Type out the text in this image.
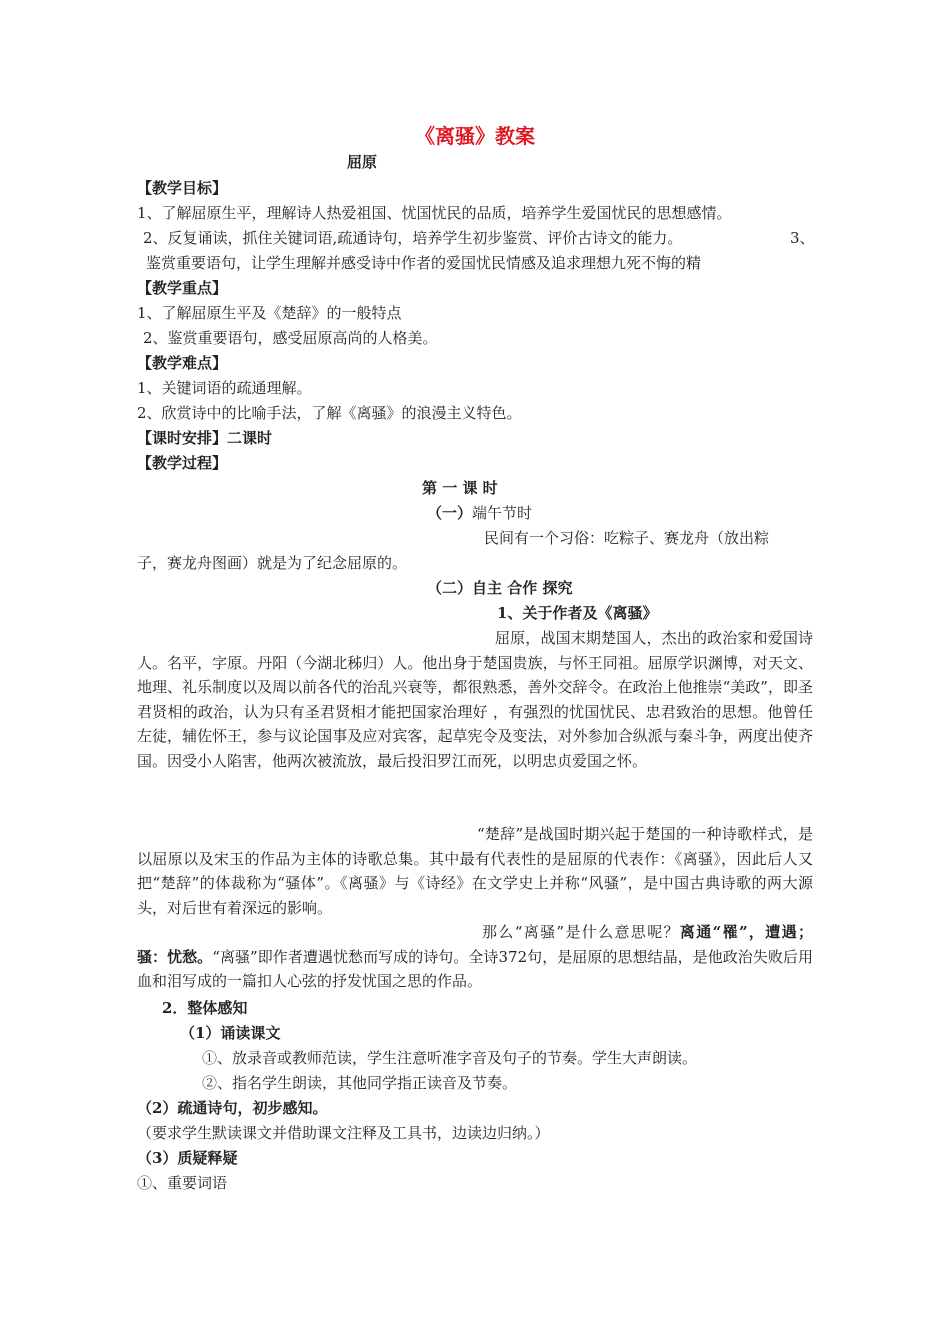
《离骚》教案
屈原
【教学目标】
1、了解屈原生平，理解诗人热爱祖国、忧国忧民的品质，培养学生爱国忧民的思想感情。
2、反复诵读，抓住关键词语,疏通诗句，培养学生初步鉴赏、评价古诗文的能力。	3、
鉴赏重要语句，让学生理解并感受诗中作者的爱国忧民情感及追求理想九死不悔的精
【教学重点】
1、了解屈原生平及《楚辞》的一般特点
2、鉴赏重要语句，感受屈原高尚的人格美。
【教学难点】
1、关键词语的疏通理解。
2、欣赏诗中的比喻手法，了解《离骚》的浪漫主义特色。
【课时安排】二课时
【教学过程】
第 一 课 时
（一）端午节时
民间有一个习俗：吃粽子、赛龙舟（放出粽
子，赛龙舟图画）就是为了纪念屈原的。
（二）自主 合作 探究
1、关于作者及《离骚》
屈原，战国末期楚国人，杰出的政治家和爱国诗人。名平，字原。丹阳（今湖北秭归）人。他出身于楚国贵族，与怀王同祖。屈原学识渊博，对天文、地理、礼乐制度以及周以前各代的治乱兴衰等，都很熟悉，善外交辞令。在政治上他推崇“美政”，即圣君贤相的政治，认为只有圣君贤相才能把国家治理好 ，有强烈的忧国忧民、忠君致治的思想。他曾任左徒，辅佐怀王，参与议论国事及应对宾客，起草宪令及变法，对外参加合纵派与秦斗争，两度出使齐国。因受小人陷害，他两次被流放，最后投汨罗江而死，以明忠贞爱国之怀。
“楚辞”是战国时期兴起于楚国的一种诗歌样式，是以屈原以及宋玉的作品为主体的诗歌总集。其中最有代表性的是屈原的代表作：《离骚》，因此后人又把“楚辞”的体裁称为“骚体”。《离骚》与《诗经》在文学史上并称“风骚”，是中国古典诗歌的两大源头，对后世有着深远的影响。
那么“离骚”是什么意思呢？离通“罹”，遭遇；骚：忧愁。“离骚”即作者遭遇忧愁而写成的诗句。全诗372句，是屈原的思想结晶，是他政治失败后用血和泪写成的一篇扣人心弦的抒发忧国之思的作品。
2．整体感知
（1）诵读课文
①、放录音或教师范读，学生注意听准字音及句子的节奏。学生大声朗读。
②、指名学生朗读，其他同学指正读音及节奏。
（2）疏通诗句，初步感知。
（要求学生默读课文并借助课文注释及工具书，边读边归纳。）
（3）质疑释疑
①、重要词语
